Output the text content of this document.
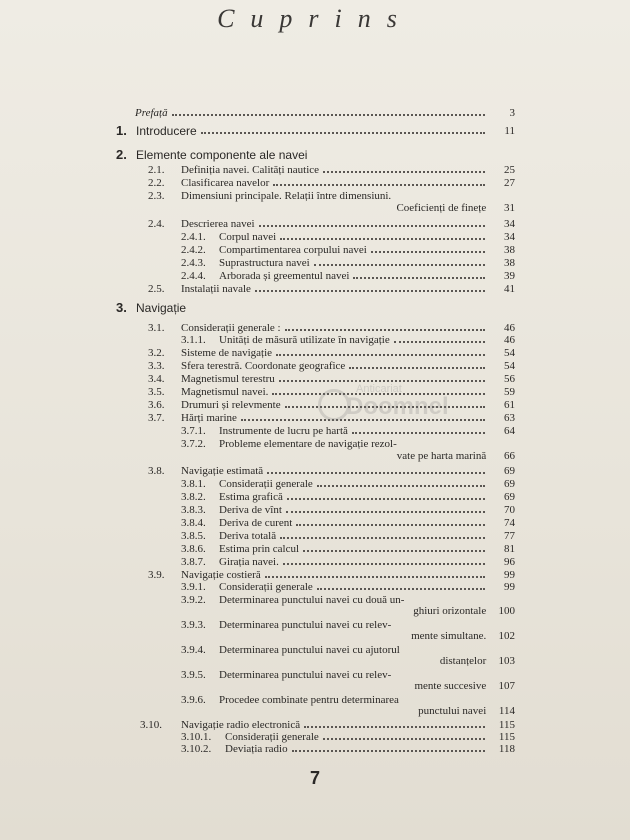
Cuprins
Prefață	3
1. Introducere	11
2. Elemente componente ale navei
2.1.	Definiția navei. Calități nautice	25
2.2.	Clasificarea navelor	27
2.3.	Dimensiuni principale. Relații între dimensiuni.
Coeficienți de finețe 31
2.4.	Descrierea navei	34
2.4.1.	Corpul navei	34
2.4.2.	Compartimentarea corpului navei	38
2.4.3.	Suprastructura navei	38
2.4.4.	Arborada și greementul navei	39
2.5.	Instalații navale	41
3. Navigație
3.1.	Considerații generale :	46
3.1.1.	Unități de măsură utilizate în navigație	46
3.2.	Sisteme de navigație	54
3.3.	Sfera terestră. Coordonate geografice	54
3.4.	Magnetismul terestru	56
3.5.	Magnetismul navei.	59
3.6.	Drumuri și relevmente	61
3.7.	Hărți marine	63
3.7.1.	Instrumente de lucru pe hartă	64
3.7.2.	Probleme elementare de navigație rezol-
vate pe harta marină 66
3.8.	Navigație estimată	69
3.8.1.	Considerații generale	69
3.8.2.	Estima grafică	69
3.8.3.	Deriva de vînt	70
3.8.4.	Deriva de curent	74
3.8.5.	Deriva totală	77
3.8.6.	Estima prin calcul	81
3.8.7.	Girația navei.	96
3.9.	Navigație costieră	99
3.9.1.	Considerații generale	99
3.9.2.	Determinarea punctului navei cu două un-
ghiuri orizontale 100
3.9.3.	Determinarea punctului navei cu relev-
mente simultane. 102
3.9.4.	Determinarea punctului navei cu ajutorul
distanțelor 103
3.9.5.	Determinarea punctului navei cu relev-
mente succesive 107
3.9.6.	Procedee combinate pentru determinarea
punctului navei 114
3.10.	Navigație radio electronică	115
3.10.1.	Considerații generale	115
3.10.2.	Deviația radio	118
Anticariat
Doomnel
7
